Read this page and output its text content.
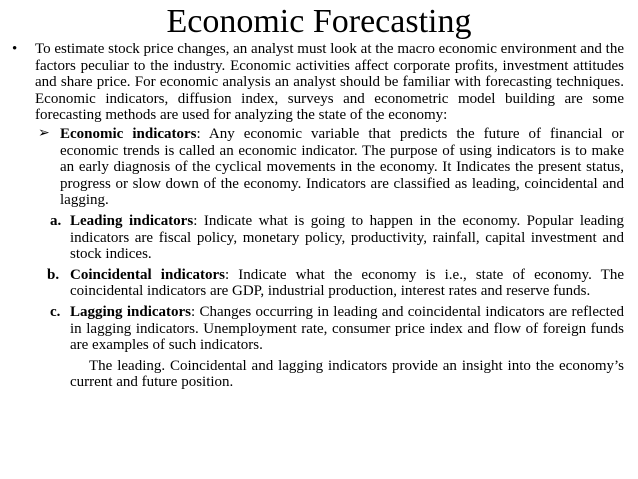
Economic Forecasting
•	To estimate stock price changes, an analyst must look at the macro economic environment and the factors peculiar to the industry. Economic activities affect corporate profits, investment attitudes and share price. For economic analysis an analyst should be familiar with forecasting techniques. Economic indicators, diffusion index, surveys and econometric model building are some forecasting methods are used for analyzing the state of the economy:

➢ Economic indicators: Any economic variable that predicts the future of financial or economic trends is called an economic indicator. The purpose of using indicators is to make an early diagnosis of the cyclical movements in the economy. It Indicates the present status, progress or slow down of the economy. Indicators are classified as leading, coincidental and lagging.

a. Leading indicators: Indicate what is going to happen in the economy. Popular leading indicators are fiscal policy, monetary policy, productivity, rainfall, capital investment and stock indices.

b. Coincidental indicators: Indicate what the economy is i.e., state of economy. The coincidental indicators are GDP, industrial production, interest rates and reserve funds.

c. Lagging indicators: Changes occurring in leading and coincidental indicators are reflected in lagging indicators. Unemployment rate, consumer price index and flow of foreign funds are examples of such indicators.

The leading. Coincidental and lagging indicators provide an insight into the economy’s current and future position.
